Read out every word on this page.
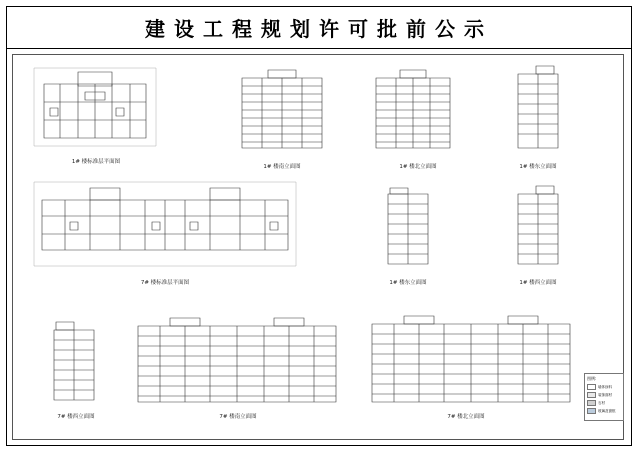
建设工程规划许可批前公示
1# 楼标准层平面图
1# 楼南立面图	1# 楼北立面图	1# 楼东立面图
7# 楼标准层平面图	1# 楼东立面图	1# 楼西立面图
7# 楼西立面图	7# 楼南立面图	7# 楼北立面图
图例:
墙体涂料
装饰面材
石材
玻璃及窗框
